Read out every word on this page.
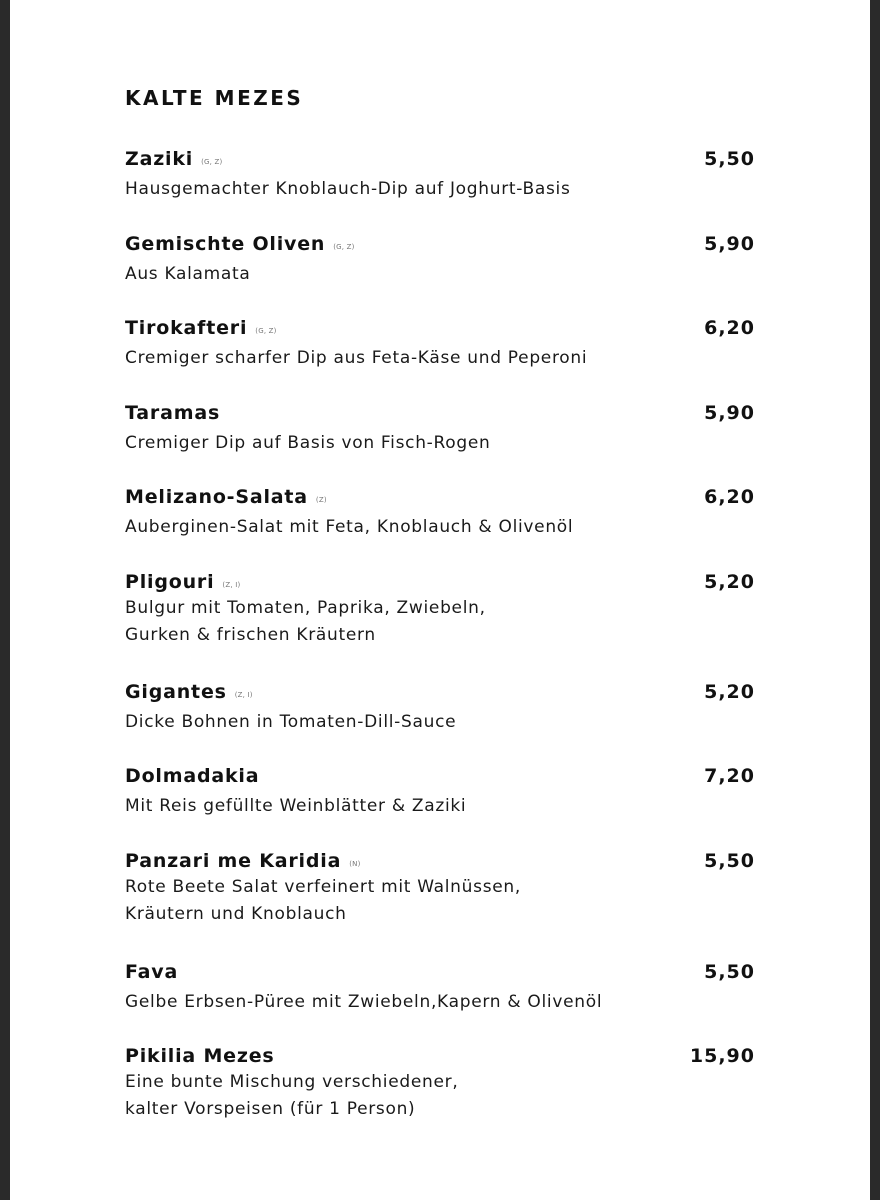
KALTE MEZES
Zaziki (G, Z)	5,50
Hausgemachter Knoblauch-Dip auf Joghurt-Basis
Gemischte Oliven (G, Z)	5,90
Aus Kalamata
Tirokafteri (G, Z)	6,20
Cremiger scharfer Dip aus Feta-Käse und Peperoni
Taramas	5,90
Cremiger Dip auf Basis von Fisch-Rogen
Melizano-Salata (Z)	6,20
Auberginen-Salat mit Feta, Knoblauch & Olivenöl
Pligouri (Z, I)	5,20
Bulgur mit Tomaten, Paprika, Zwiebeln,
Gurken & frischen Kräutern
Gigantes (Z, I)	5,20
Dicke Bohnen in Tomaten-Dill-Sauce
Dolmadakia	7,20
Mit Reis gefüllte Weinblätter & Zaziki
Panzari me Karidia (N)	5,50
Rote Beete Salat verfeinert mit Walnüssen,
Kräutern und Knoblauch
Fava	5,50
Gelbe Erbsen-Püree mit Zwiebeln,Kapern & Olivenöl
Pikilia Mezes	15,90
Eine bunte Mischung verschiedener,
kalter Vorspeisen (für 1 Person)
